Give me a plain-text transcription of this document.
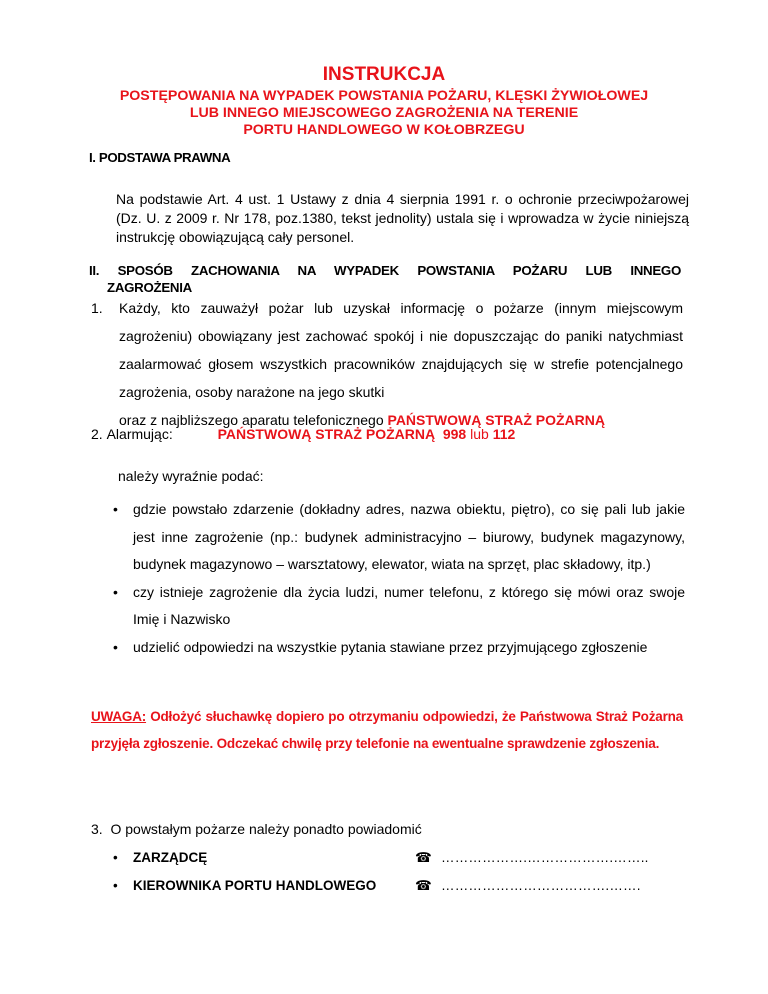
INSTRUKCJA
POSTĘPOWANIA NA WYPADEK POWSTANIA POŻARU, KLĘSKI ŻYWIOŁOWEJ
LUB INNEGO MIEJSCOWEGO ZAGROŻENIA NA TERENIE
PORTU HANDLOWEGO W KOŁOBRZEGU
I. PODSTAWA PRAWNA
Na podstawie Art. 4 ust. 1 Ustawy z dnia 4 sierpnia 1991 r. o ochronie przeciwpożarowej (Dz. U. z 2009 r. Nr 178, poz.1380, tekst jednolity) ustala się i wprowadza w życie niniejszą instrukcję obowiązującą cały personel.
II. SPOSÓB ZACHOWANIA NA WYPADEK POWSTANIA POŻARU LUB INNEGO
ZAGROŻENIA
1. Każdy, kto zauważył pożar lub uzyskał informację o pożarze (innym miejscowym zagrożeniu) obowiązany jest zachować spokój i nie dopuszczając do paniki natychmiast zaalarmować głosem wszystkich pracowników znajdujących się w strefie potencjalnego zagrożenia, osoby narażone na jego skutki
oraz z najbliższego aparatu telefonicznego PAŃSTWOWĄ STRAŻ POŻARNĄ
2. Alarmując:	PAŃSTWOWĄ STRAŻ POŻARNĄ 998 lub 112
należy wyraźnie podać:
• gdzie powstało zdarzenie (dokładny adres, nazwa obiektu, piętro), co się pali lub jakie jest inne zagrożenie (np.: budynek administracyjno – biurowy, budynek magazynowy, budynek magazynowo – warsztatowy, elewator, wiata na sprzęt, plac składowy, itp.)
• czy istnieje zagrożenie dla życia ludzi, numer telefonu, z którego się mówi oraz swoje Imię i Nazwisko
• udzielić odpowiedzi na wszystkie pytania stawiane przez przyjmującego zgłoszenie
UWAGA: Odłożyć słuchawkę dopiero po otrzymaniu odpowiedzi, że Państwowa Straż Pożarna przyjęła zgłoszenie. Odczekać chwilę przy telefonie na ewentualne sprawdzenie zgłoszenia.
3. O powstałym pożarze należy ponadto powiadomić
• ZARZĄDCĘ	☎ ……………….……………….……..
• KIEROWNIKA PORTU HANDLOWEGO	☎ ……………………………….…….
